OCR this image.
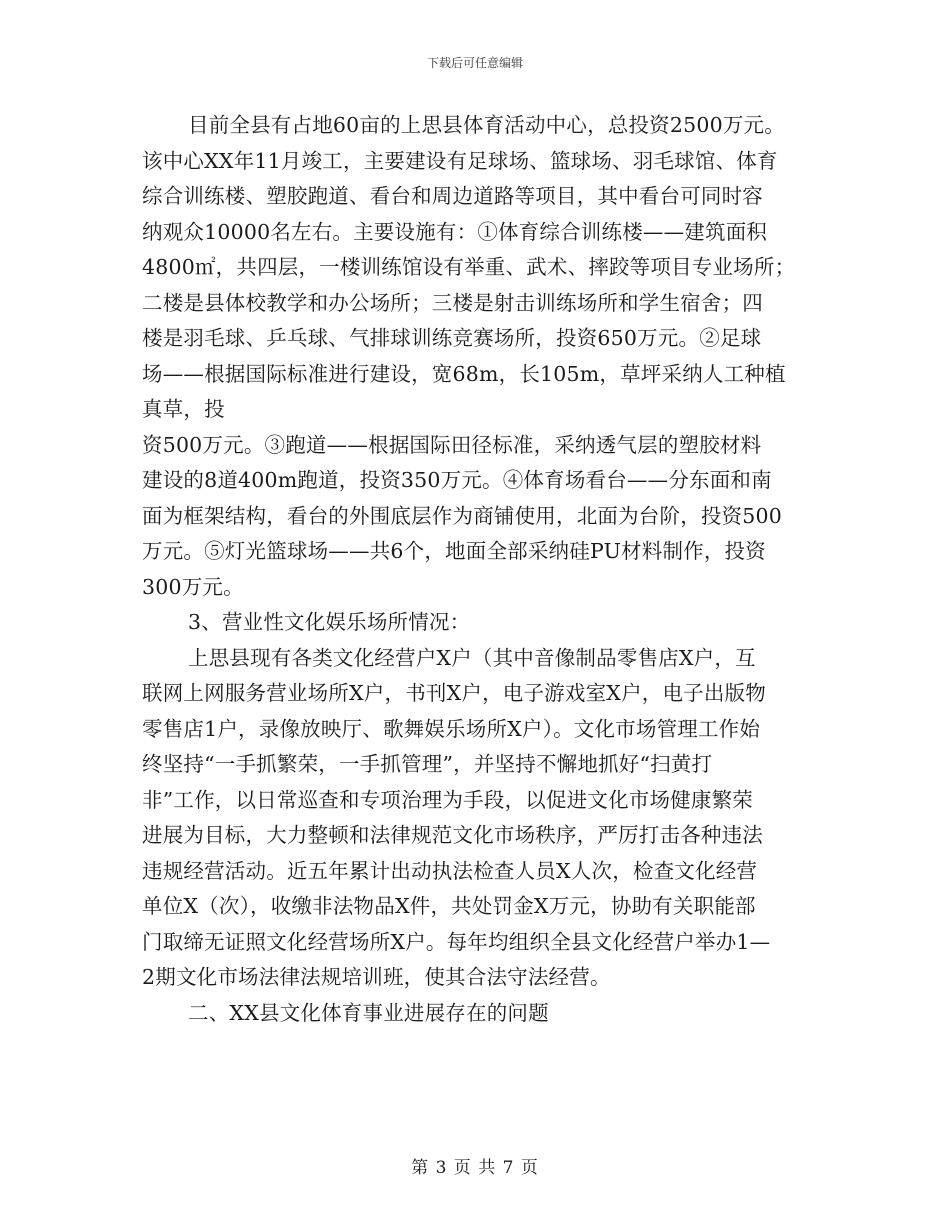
下载后可任意编辑
目前全县有占地60亩的上思县体育活动中心，总投资2500万元。
该中心XX年11月竣工，主要建设有足球场、篮球场、羽毛球馆、体育
综合训练楼、塑胶跑道、看台和周边道路等项目，其中看台可同时容
纳观众10000名左右。主要设施有：①体育综合训练楼——建筑面积
4800㎡，共四层，一楼训练馆设有举重、武术、摔跤等项目专业场所；
二楼是县体校教学和办公场所；三楼是射击训练场所和学生宿舍；四
楼是羽毛球、乒乓球、气排球训练竞赛场所，投资650万元。②足球
场——根据国际标准进行建设，宽68m，长105m，草坪采纳人工种植
真草，投
资500万元。③跑道——根据国际田径标准，采纳透气层的塑胶材料
建设的8道400m跑道，投资350万元。④体育场看台——分东面和南
面为框架结构，看台的外围底层作为商铺使用，北面为台阶，投资500
万元。⑤灯光篮球场——共6个，地面全部采纳硅PU材料制作，投资
300万元。
3、营业性文化娱乐场所情况：
上思县现有各类文化经营户X户（其中音像制品零售店X户，互
联网上网服务营业场所X户，书刊X户，电子游戏室X户，电子出版物
零售店1户，录像放映厅、歌舞娱乐场所X户）。文化市场管理工作始
终坚持“一手抓繁荣，一手抓管理”，并坚持不懈地抓好“扫黄打
非”工作，以日常巡查和专项治理为手段，以促进文化市场健康繁荣
进展为目标，大力整顿和法律规范文化市场秩序，严厉打击各种违法
违规经营活动。近五年累计出动执法检查人员X人次，检查文化经营
单位X（次），收缴非法物品X件，共处罚金X万元，协助有关职能部
门取缔无证照文化经营场所X户。每年均组织全县文化经营户举办1—
2期文化市场法律法规培训班，使其合法守法经营。
二、XX县文化体育事业进展存在的问题
第 3 页 共 7 页
